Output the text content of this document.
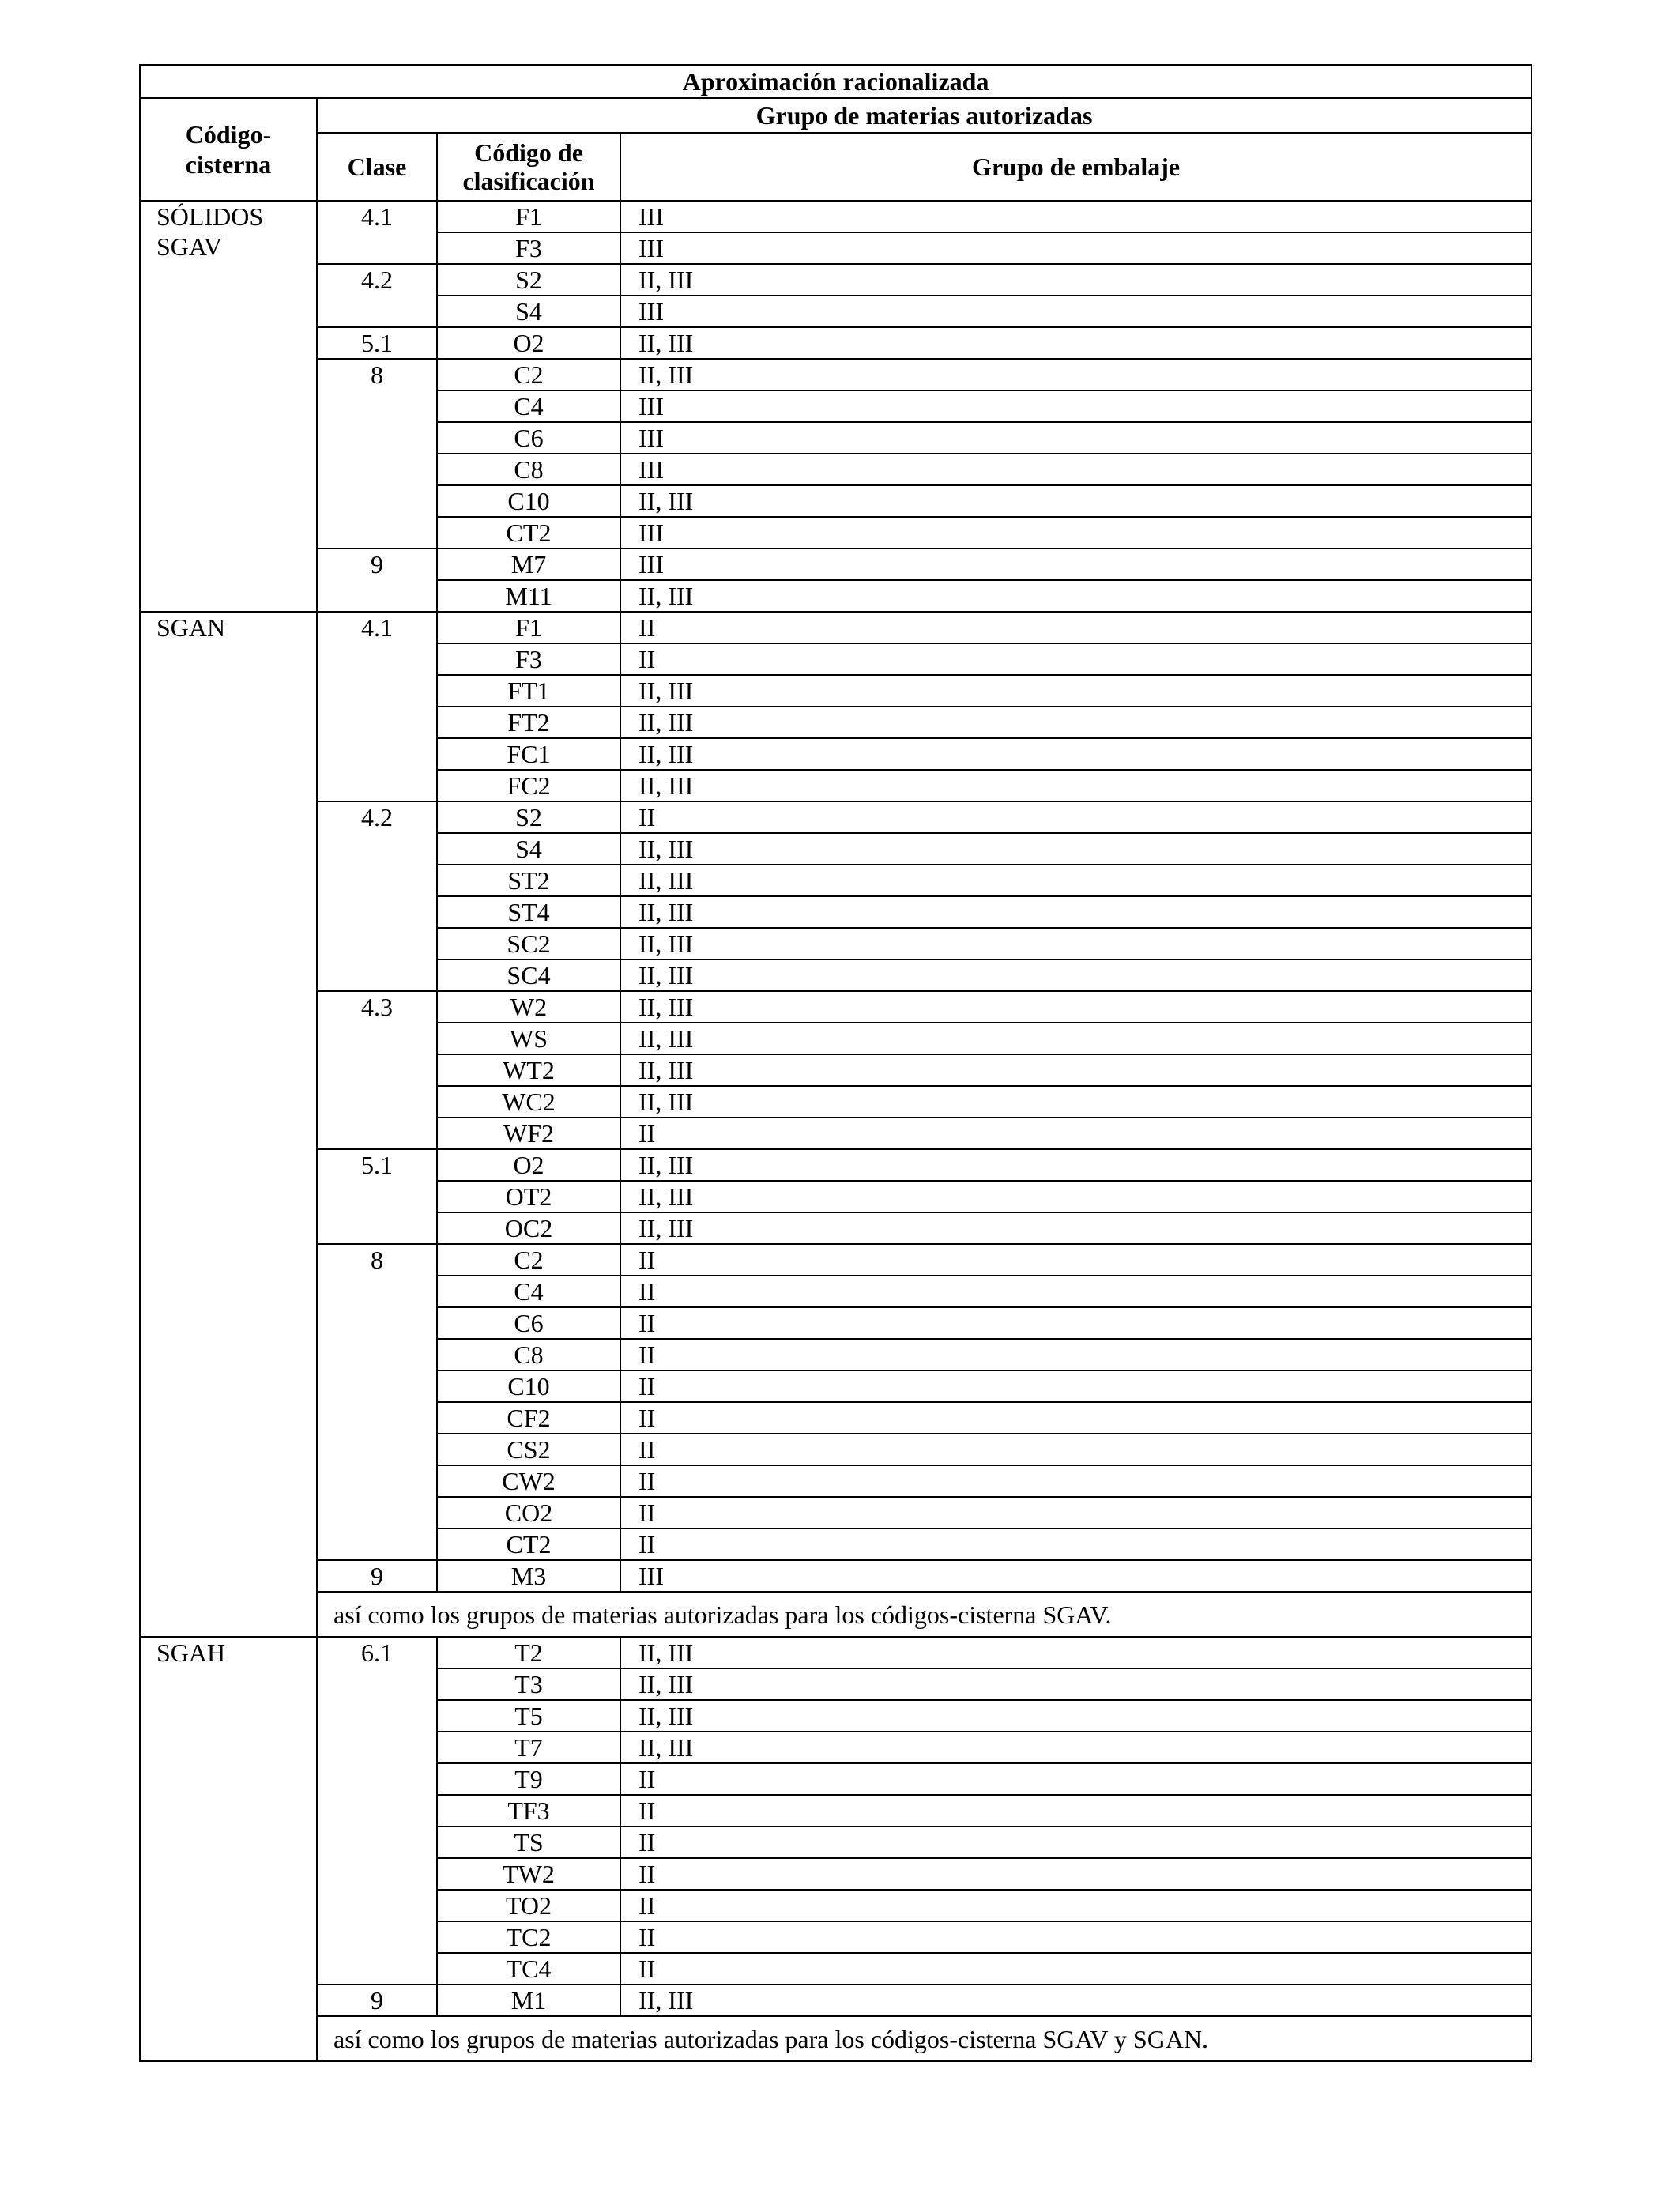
Aproximación racionalizada			
Código-
cisterna	Grupo de materias autorizadas		
	Clase	Código de
clasificación	Grupo de embalaje
SÓLIDOS
SGAV	4.1	F1	III
		F3	III
	4.2	S2	II, III
		S4	III
	5.1	O2	II, III
	8	C2	II, III
		C4	III
		C6	III
		C8	III
		C10	II, III
		CT2	III
	9	M7	III
		M11	II, III
SGAN	4.1	F1	II
		F3	II
		FT1	II, III
		FT2	II, III
		FC1	II, III
		FC2	II, III
	4.2	S2	II
		S4	II, III
		ST2	II, III
		ST4	II, III
		SC2	II, III
		SC4	II, III
	4.3	W2	II, III
		WS	II, III
		WT2	II, III
		WC2	II, III
		WF2	II
	5.1	O2	II, III
		OT2	II, III
		OC2	II, III
	8	C2	II
		C4	II
		C6	II
		C8	II
		C10	II
		CF2	II
		CS2	II
		CW2	II
		CO2	II
		CT2	II
	9	M3	III
	así como los grupos de materias autorizadas para los códigos-cisterna SGAV.		
SGAH	6.1	T2	II, III
		T3	II, III
		T5	II, III
		T7	II, III
		T9	II
		TF3	II
		TS	II
		TW2	II
		TO2	II
		TC2	II
		TC4	II
	9	M1	II, III
	así como los grupos de materias autorizadas para los códigos-cisterna SGAV y SGAN.		
